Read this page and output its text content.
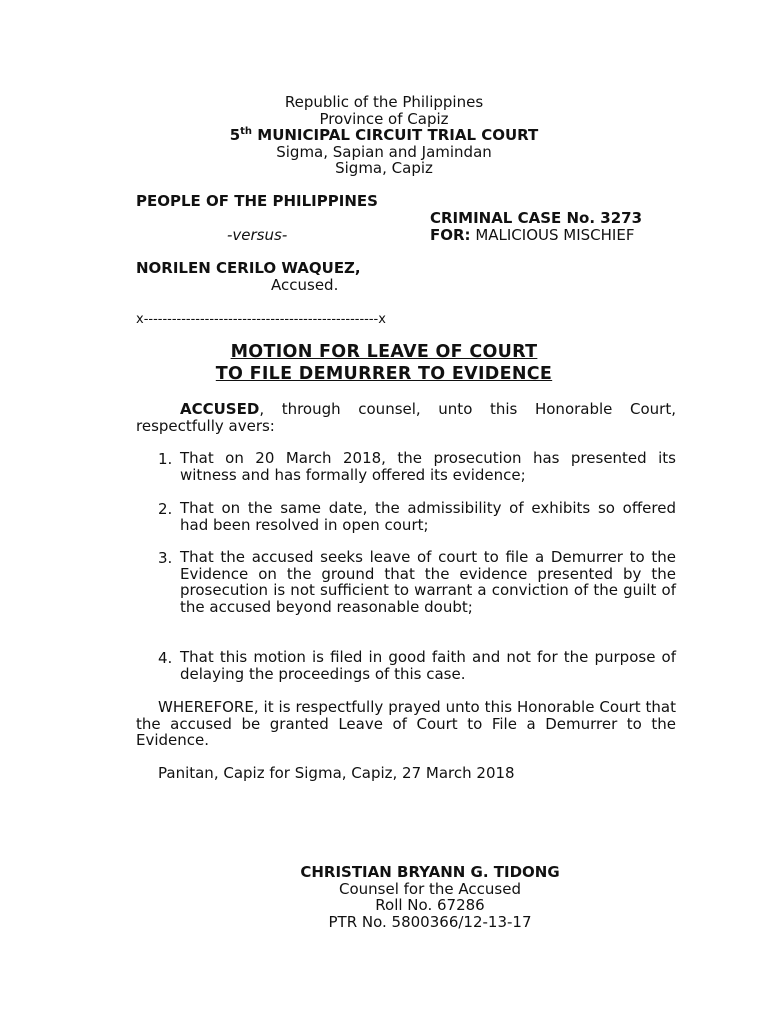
Republic of the Philippines
Province of Capiz
5th MUNICIPAL CIRCUIT TRIAL COURT
Sigma, Sapian and Jamindan
Sigma, Capiz
PEOPLE OF THE PHILIPPINES
CRIMINAL CASE No. 3273
-versus-	FOR: MALICIOUS MISCHIEF
NORILEN CERILO WAQUEZ,
Accused.
x--------------------------------------------------x
MOTION FOR LEAVE OF COURT
TO FILE DEMURRER TO EVIDENCE
ACCUSED, through counsel, unto this Honorable Court, respectfully avers:
1. That on 20 March 2018, the prosecution has presented its witness and has formally offered its evidence;
2. That on the same date, the admissibility of exhibits so offered had been resolved in open court;
3. That the accused seeks leave of court to file a Demurrer to the Evidence on the ground that the evidence presented by the prosecution is not sufficient to warrant a conviction of the guilt of the accused beyond reasonable doubt;
4. That this motion is filed in good faith and not for the purpose of delaying the proceedings of this case.
WHEREFORE, it is respectfully prayed unto this Honorable Court that the accused be granted Leave of Court to File a Demurrer to the Evidence.
Panitan, Capiz for Sigma, Capiz, 27 March 2018
CHRISTIAN BRYANN G. TIDONG
Counsel for the Accused
Roll No. 67286
PTR No. 5800366/12-13-17
